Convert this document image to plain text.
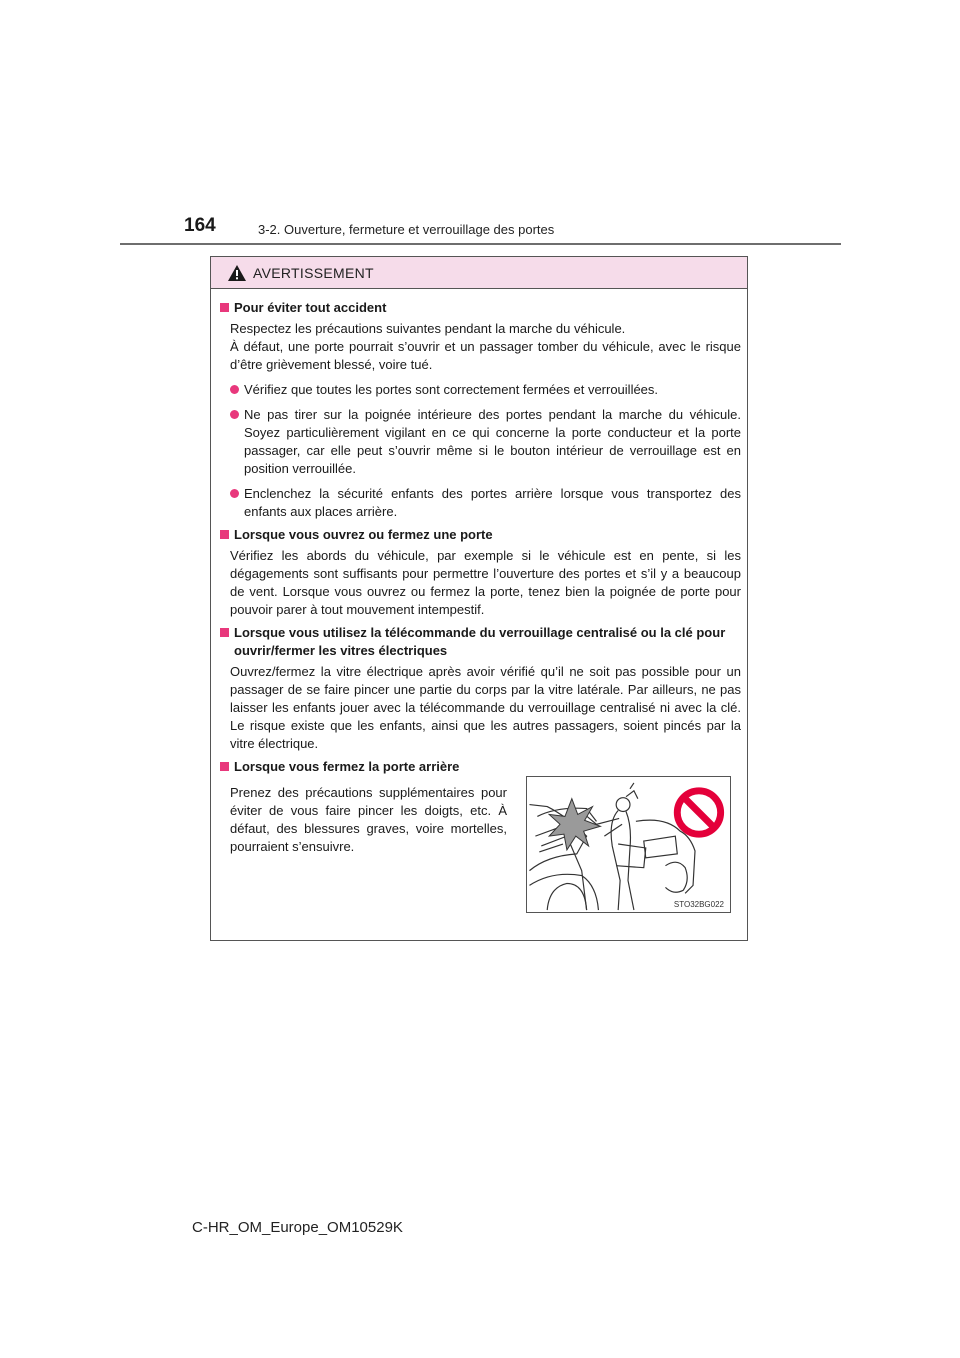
164	3-2. Ouverture, fermeture et verrouillage des portes
AVERTISSEMENT
Pour éviter tout accident
Respectez les précautions suivantes pendant la marche du véhicule.
À défaut, une porte pourrait s’ouvrir et un passager tomber du véhicule, avec le risque d’être grièvement blessé, voire tué.
Vérifiez que toutes les portes sont correctement fermées et verrouillées.
Ne pas tirer sur la poignée intérieure des portes pendant la marche du véhicule. Soyez particulièrement vigilant en ce qui concerne la porte conducteur et la porte passager, car elle peut s’ouvrir même si le bouton intérieur de verrouillage est en position verrouillée.
Enclenchez la sécurité enfants des portes arrière lorsque vous transportez des enfants aux places arrière.
Lorsque vous ouvrez ou fermez une porte
Vérifiez les abords du véhicule, par exemple si le véhicule est en pente, si les dégagements sont suffisants pour permettre l’ouverture des portes et s’il y a beaucoup de vent. Lorsque vous ouvrez ou fermez la porte, tenez bien la poignée de porte pour pouvoir parer à tout mouvement intempestif.
Lorsque vous utilisez la télécommande du verrouillage centralisé ou la clé pour ouvrir/fermer les vitres électriques
Ouvrez/fermez la vitre électrique après avoir vérifié qu’il ne soit pas possible pour un passager de se faire pincer une partie du corps par la vitre latérale. Par ailleurs, ne pas laisser les enfants jouer avec la télécommande du verrouillage centralisé ni avec la clé. Le risque existe que les enfants, ainsi que les autres passagers, soient pincés par la vitre électrique.
Lorsque vous fermez la porte arrière
Prenez des précautions supplémentaires pour éviter de vous faire pincer les doigts, etc. À défaut, des blessures graves, voire mortelles, pourraient s’ensuivre.
STO32BG022
C-HR_OM_Europe_OM10529K
